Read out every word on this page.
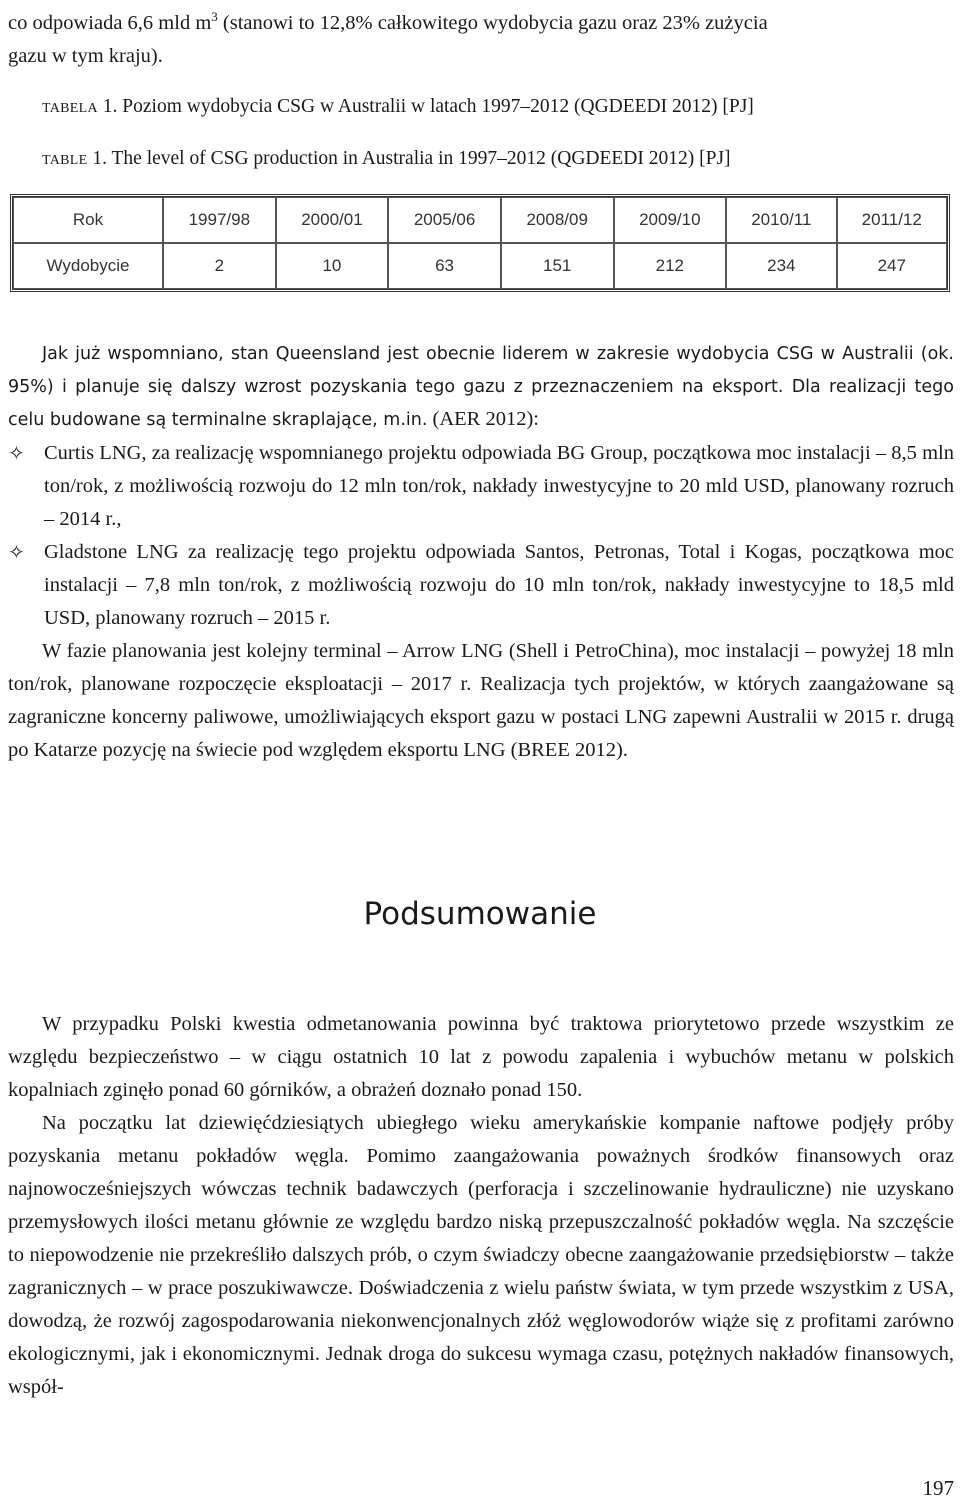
co odpowiada 6,6 mld $m^3$ (stanowi to 12,8% całkowitego wydobycia gazu oraz 23% zużycia
gazu w tym kraju).
TABELA 1. Poziom wydobycia CSG w Australii w latach 1997–2012 (QGDEEDI 2012) [PJ]
TABLE 1. The level of CSG production in Australia in 1997–2012 (QGDEEDI 2012) [PJ]
Rok	1997/98	2000/01	2005/06	2008/09	2009/10	2010/11	2011/12
Wydobycie	2	10	63	151	212	234	247

Jak już wspomniano, stan Queensland jest obecnie liderem w zakresie wydobycia CSG w Australii (ok. 95%) i planuje się dalszy wzrost pozyskania tego gazu z przeznaczeniem na eksport. Dla realizacji tego celu budowane są terminalne skraplające, m.in. (AER 2012):

✧ Curtis LNG, za realizację wspomnianego projektu odpowiada BG Group, początkowa moc instalacji – 8,5 mln ton/rok, z możliwością rozwoju do 12 mln ton/rok, nakłady inwestycyjne to 20 mld USD, planowany rozruch – 2014 r.,

✧ Gladstone LNG za realizację tego projektu odpowiada Santos, Petronas, Total i Kogas, początkowa moc instalacji – 7,8 mln ton/rok, z możliwością rozwoju do 10 mln ton/rok, nakłady inwestycyjne to 18,5 mld USD, planowany rozruch – 2015 r.

W fazie planowania jest kolejny terminal – Arrow LNG (Shell i PetroChina), moc instalacji – powyżej 18 mln ton/rok, planowane rozpoczęcie eksploatacji – 2017 r. Realizacja tych projektów, w których zaangażowane są zagraniczne koncerny paliwowe, umożliwiających eksport gazu w postaci LNG zapewni Australii w 2015 r. drugą po Katarze pozycję na świecie pod względem eksportu LNG (BREE 2012).

Podsumowanie

W przypadku Polski kwestia odmetanowania powinna być traktowa priorytetowo przede wszystkim ze względu bezpieczeństwo – w ciągu ostatnich 10 lat z powodu zapalenia i wybuchów metanu w polskich kopalniach zginęło ponad 60 górników, a obrażeń doznało ponad 150.

Na początku lat dziewięćdziesiątych ubiegłego wieku amerykańskie kompanie naftowe podjęły próby pozyskania metanu pokładów węgla. Pomimo zaangażowania poważnych środków finansowych oraz najnowocześniejszych wówczas technik badawczych (perforacja i szczelinowanie hydrauliczne) nie uzyskano przemysłowych ilości metanu głównie ze względu bardzo niską przepuszczalność pokładów węgla. Na szczęście to niepowodzenie nie przekreśliło dalszych prób, o czym świadczy obecne zaangażowanie przedsiębiorstw – także zagranicznych – w prace poszukiwawcze. Doświadczenia z wielu państw świata, w tym przede wszystkim z USA, dowodzą, że rozwój zagospodarowania niekonwencjonalnych złóż węglowodorów wiąże się z profitami zarówno ekologicznymi, jak i ekonomicznymi. Jednak droga do sukcesu wymaga czasu, potężnych nakładów finansowych, współ-

197
